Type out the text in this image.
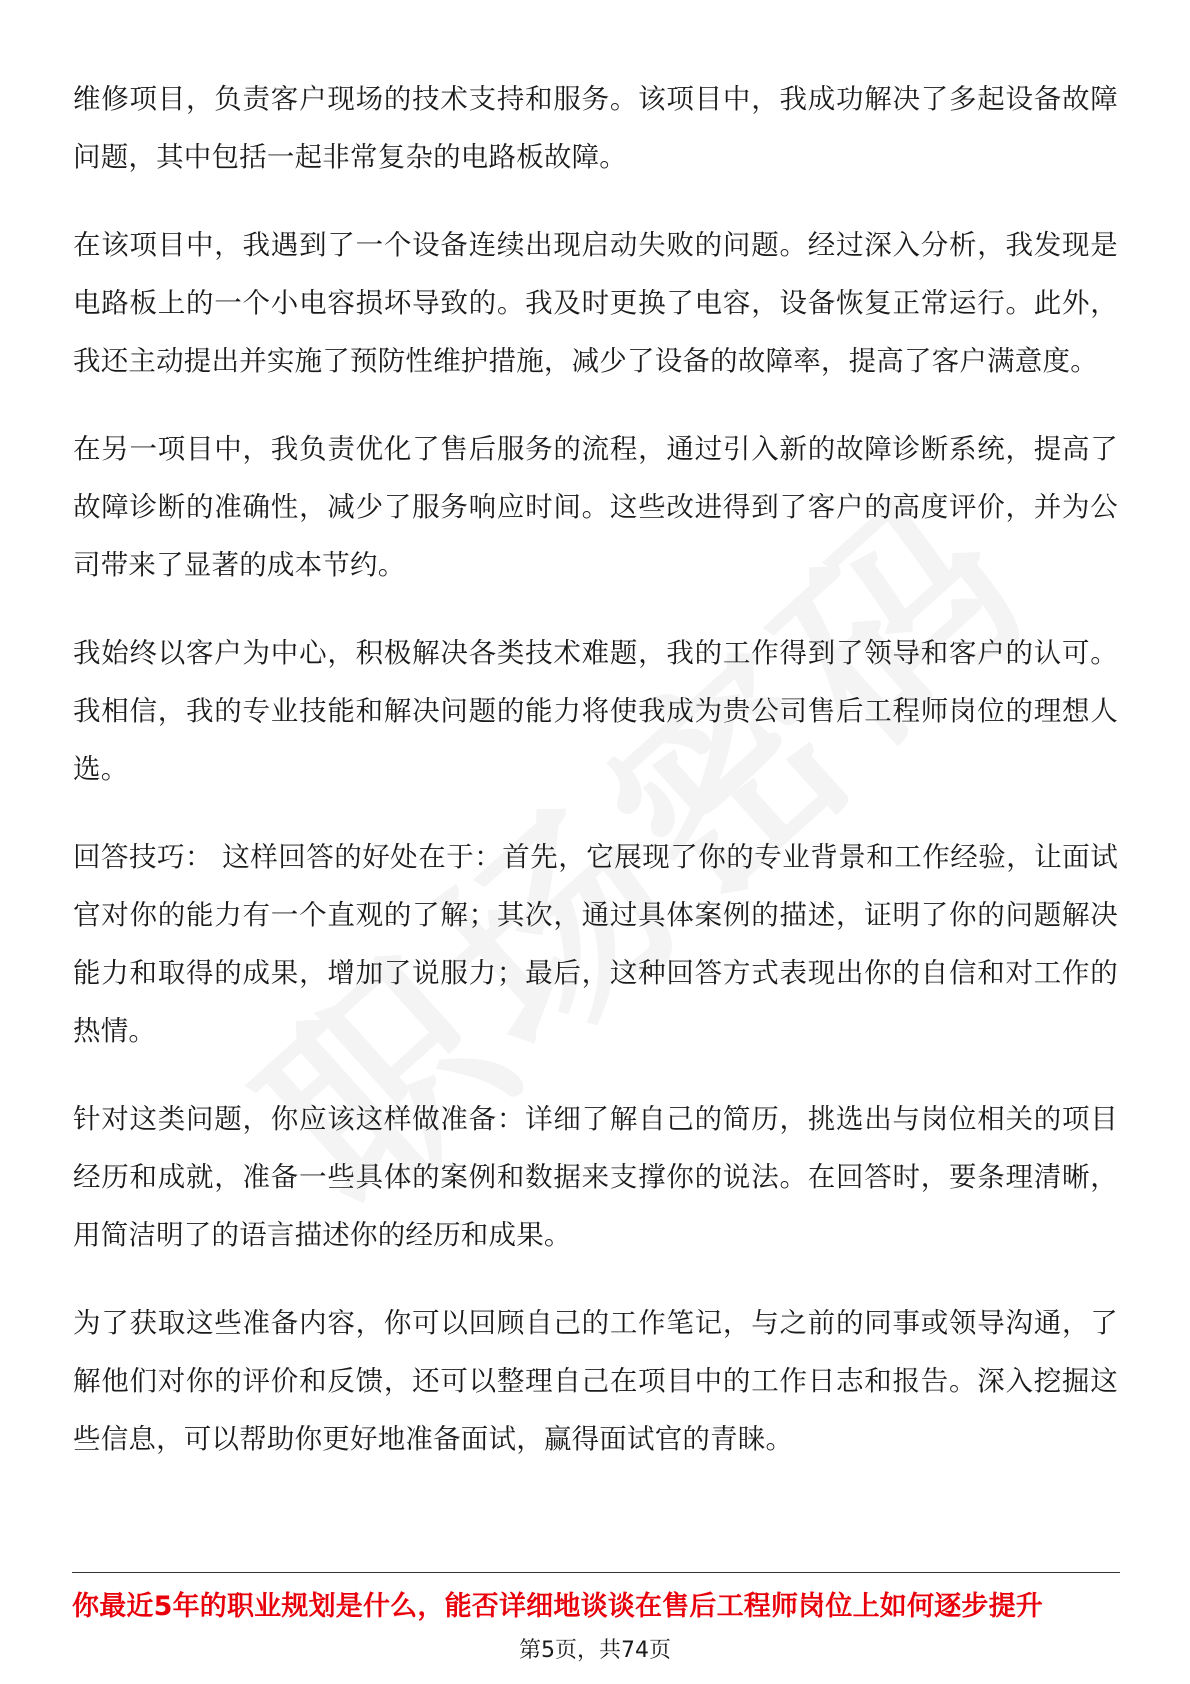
维修项目，负责客户现场的技术支持和服务。该项目中，我成功解决了多起设备故障问题，其中包括一起非常复杂的电路板故障。

在该项目中，我遇到了一个设备连续出现启动失败的问题。经过深入分析，我发现是电路板上的一个小电容损坏导致的。我及时更换了电容，设备恢复正常运行。此外，我还主动提出并实施了预防性维护措施，减少了设备的故障率，提高了客户满意度。

在另一项目中，我负责优化了售后服务的流程，通过引入新的故障诊断系统，提高了故障诊断的准确性，减少了服务响应时间。这些改进得到了客户的高度评价，并为公司带来了显著的成本节约。

我始终以客户为中心，积极解决各类技术难题，我的工作得到了领导和客户的认可。我相信，我的专业技能和解决问题的能力将使我成为贵公司售后工程师岗位的理想人选。

回答技巧： 这样回答的好处在于：首先，它展现了你的专业背景和工作经验，让面试官对你的能力有一个直观的了解；其次，通过具体案例的描述，证明了你的问题解决能力和取得的成果，增加了说服力；最后，这种回答方式表现出你的自信和对工作的热情。

针对这类问题，你应该这样做准备：详细了解自己的简历，挑选出与岗位相关的项目经历和成就，准备一些具体的案例和数据来支撑你的说法。在回答时，要条理清晰，用简洁明了的语言描述你的经历和成果。

为了获取这些准备内容，你可以回顾自己的工作笔记，与之前的同事或领导沟通，了解他们对你的评价和反馈，还可以整理自己在项目中的工作日志和报告。深入挖掘这些信息，可以帮助你更好地准备面试，赢得面试官的青睐。

你最近5年的职业规划是什么，能否详细地谈谈在售后工程师岗位上如何逐步提升
第5页，共74页
